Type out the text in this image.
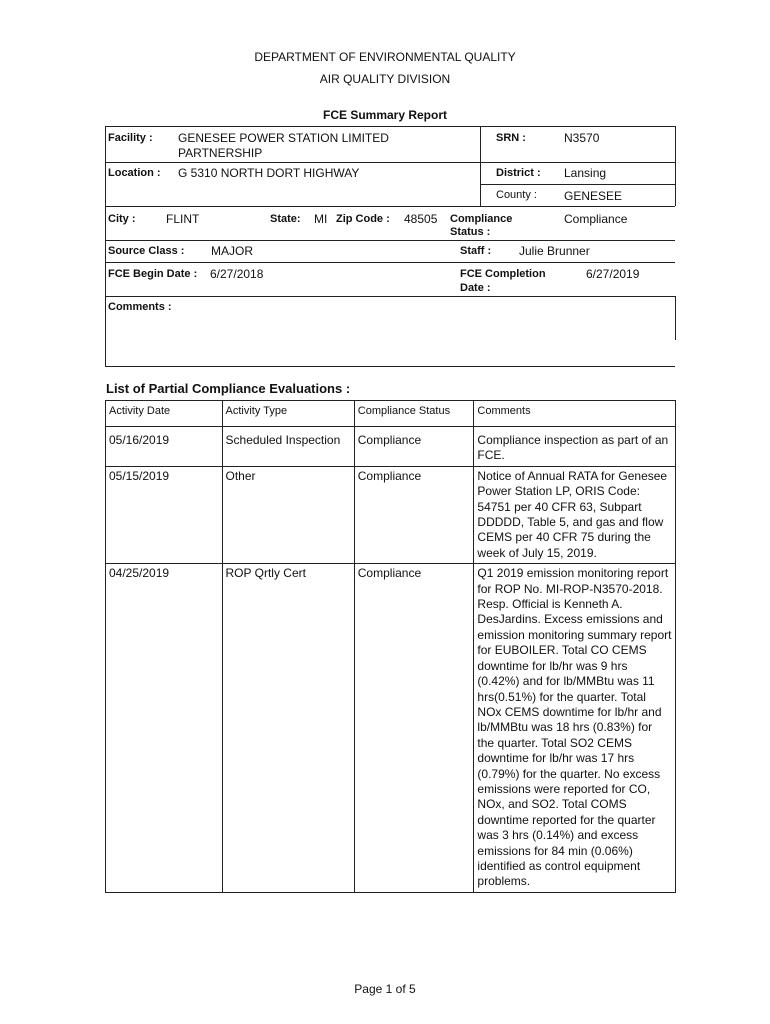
DEPARTMENT OF ENVIRONMENTAL QUALITY
AIR QUALITY DIVISION
FCE Summary Report
Facility : GENESEE POWER STATION LIMITED
PARTNERSHIP
SRN :	N3570
Location : G 5310 NORTH DORT HIGHWAY	District : Lansing
County : GENESEE
City :	FLINT	State: MI Zip Code : 48505 Compliance
Status :
Compliance
Source Class : MAJOR	Staff : Julie Brunner
FCE Begin Date : 6/27/2018	FCE Completion
Date :
6/27/2019
Comments :
List of Partial Compliance Evaluations :
Activity Date	Activity Type	Compliance Status	Comments
05/16/2019	Scheduled Inspection	Compliance	Compliance inspection as part of an FCE.
05/15/2019	Other	Compliance	Notice of Annual RATA for Genesee Power Station LP, ORIS Code: 54751 per 40 CFR 63, Subpart DDDDD, Table 5, and gas and flow CEMS per 40 CFR 75 during the week of July 15, 2019.
04/25/2019	ROP Qrtly Cert	Compliance	Q1 2019 emission monitoring report for ROP No. MI-ROP-N3570-2018. Resp. Official is Kenneth A. DesJardins. Excess emissions and emission monitoring summary report for EUBOILER. Total CO CEMS downtime for lb/hr was 9 hrs (0.42%) and for lb/MMBtu was 11 hrs(0.51%) for the quarter. Total NOx CEMS downtime for lb/hr and lb/MMBtu was 18 hrs (0.83%) for the quarter. Total SO2 CEMS downtime for lb/hr was 17 hrs (0.79%) for the quarter. No excess emissions were reported for CO, NOx, and SO2. Total COMS downtime reported for the quarter was 3 hrs (0.14%) and excess emissions for 84 min (0.06%) identified as control equipment problems.
Page 1 of 5
